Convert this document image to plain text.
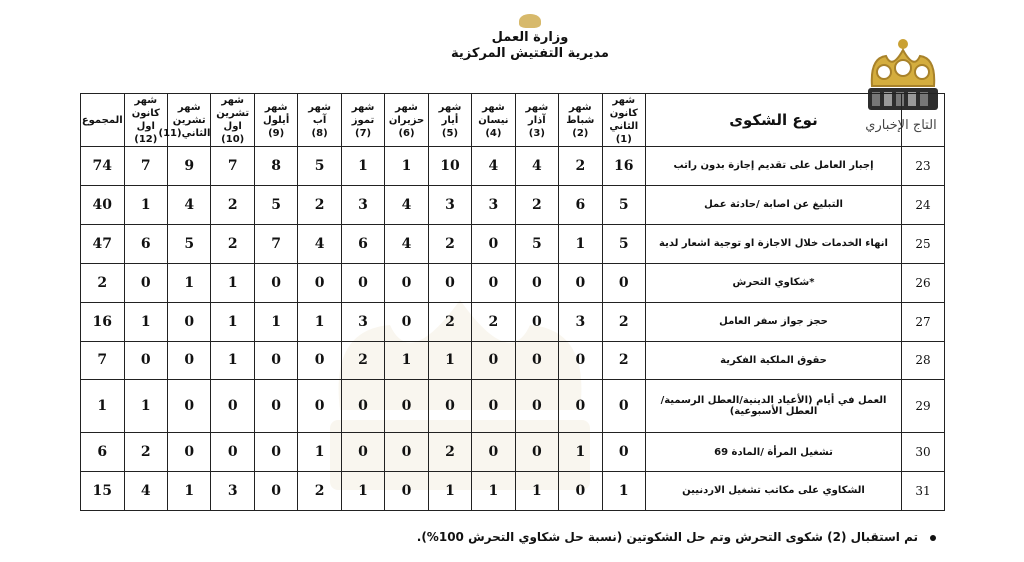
وزارة العمل
مديرية التفتيش المركزية
التاج الإخباري
	نوع الشكوى	شهر
كانون
الثاني (1)	شهر
شباط
(2)	شهر
آذار
(3)	شهر
نيسان
(4)	شهر
أيار
(5)	شهر
حزيران
(6)	شهر
تموز
(7)	شهر
آب
(8)	شهر
أيلول
(9)	شهر
تشرين
اول
(10)	شهر
تشرين
الثاني(11)	شهر
كانون
اول
(12)	المجموع
23	إجبار العامل على تقديم إجازة بدون راتب	16	2	4	4	10	1	1	5	8	7	9	7	74
24	التبليغ عن اصابة /حادثة عمل	5	6	2	3	3	4	3	2	5	2	4	1	40
25	انهاء الخدمات خلال الاجازة او توجية اشعار لدية	5	1	5	0	2	4	6	4	7	2	5	6	47
26	*شكاوي التحرش	0	0	0	0	0	0	0	0	0	1	1	0	2
27	حجز جواز سفر العامل	2	3	0	2	2	0	3	1	1	1	0	1	16
28	حقوق الملكية الفكرية	2	0	0	0	1	1	2	0	0	1	0	0	7
29	العمل في أيام (الأعياد الدينية/العطل الرسمية/العطل الأسبوعية)	0	0	0	0	0	0	0	0	0	0	0	1	1
30	تشغيل المرأة /المادة 69	0	1	0	0	2	0	0	1	0	0	0	2	6
31	الشكاوي على مكاتب تشغيل الاردنيين	1	0	1	1	1	0	1	2	0	3	1	4	15
تم استقبال (2) شكوى التحرش وتم حل الشكوتين (نسبة حل شكاوي التحرش 100%).
